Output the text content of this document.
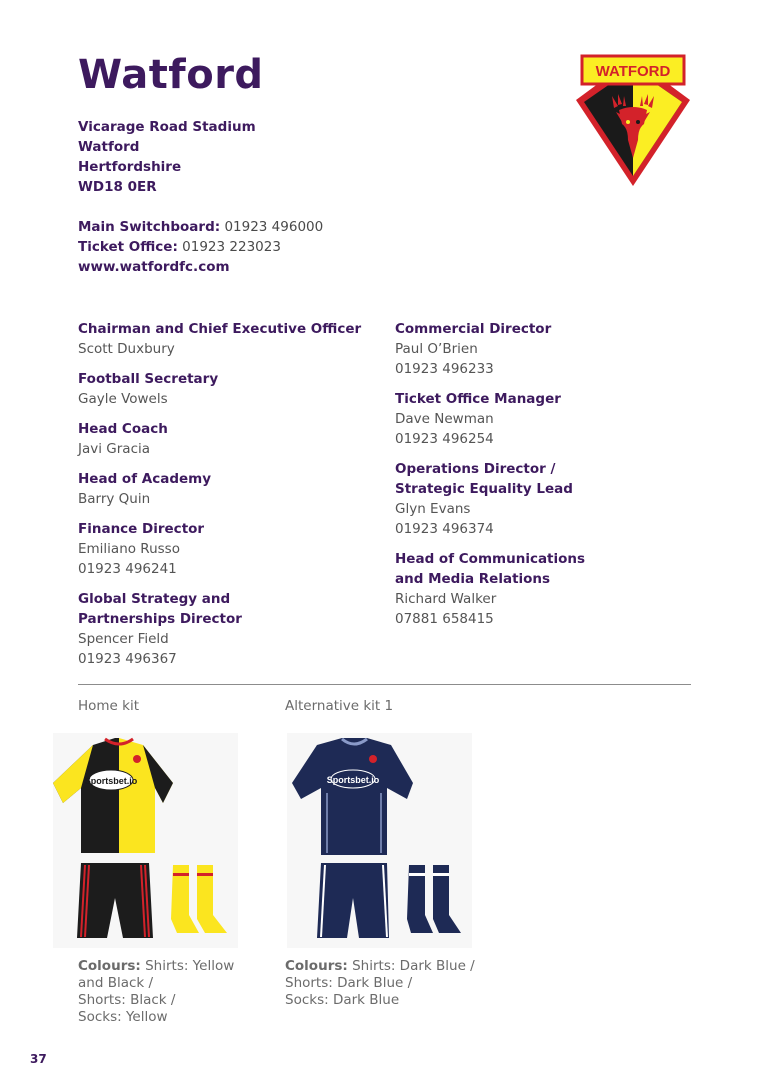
Watford
Vicarage Road Stadium
Watford
Hertfordshire
WD18 0ER
Main Switchboard: 01923 496000
Ticket Office: 01923 223023
www.watfordfc.com
WATFORD
Chairman and Chief Executive Officer
Scott Duxbury
Football Secretary
Gayle Vowels
Head Coach
Javi Gracia
Head of Academy
Barry Quin
Finance Director
Emiliano Russo
01923 496241
Global Strategy and
Partnerships Director
Spencer Field
01923 496367
Commercial Director
Paul O’Brien
01923 496233
Ticket Office Manager
Dave Newman
01923 496254
Operations Director /
Strategic Equality Lead
Glyn Evans
01923 496374
Head of Communications
and Media Relations
Richard Walker
07881 658415
Home kit	Alternative kit 1
Sportsbet.io	Sportsbet.io
Colours: Shirts: Yellow
and Black /
Shorts: Black /
Socks: Yellow
Colours: Shirts: Dark Blue /
Shorts: Dark Blue /
Socks: Dark Blue
37
